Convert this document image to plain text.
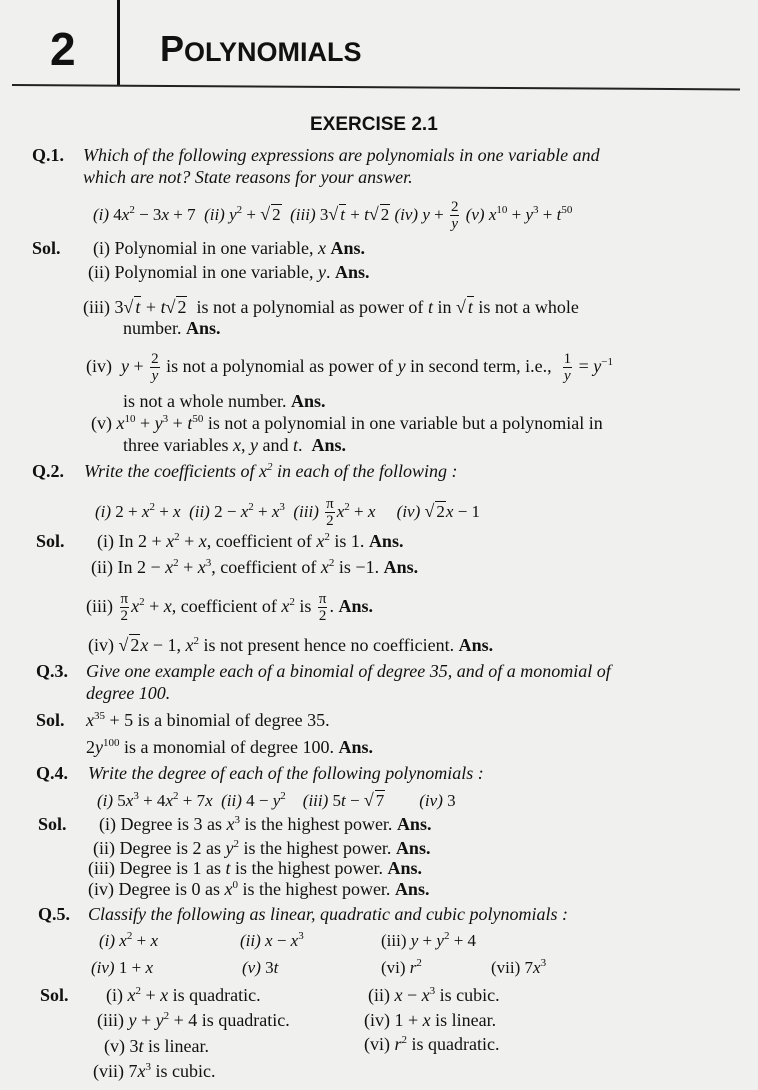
2 POLYNOMIALS
EXERCISE 2.1
Q.1. Which of the following expressions are polynomials in one variable and
which are not? State reasons for your answer.
(i) $4x^2 - 3x + 7$  (ii) $y^2$ + √ 2 (iii) 3√ t + t√ 2 (iv) $y + \frac{2}{y} (v) x^{10} + y^3 + t^{50}$
Sol. (i) Polynomial in one variable, x Ans.
(ii) Polynomial in one variable, y. Ans.
(iii) 3√ t + t√ 2  is not a polynomial as power of t in √ t is not a whole
number. Ans.
(iv)  $y + \frac{2}{y}$ is not a polynomial as power of y in second term, i.e., $\frac{1}{y} = y^{-1}$
is not a whole number. Ans.
(v) $x^{10} + y^3 + t^{50}$ is not a polynomial in one variable but a polynomial in
three variables x, y and t.  Ans.
Q.2. Write the coefficients of $x^2$ in each of the following :
(i) $2 + x^2 + x$ (ii) $2 - x^2 + x^3$ $(iii) \frac{\pi}{2} x^2 + x$ (iv) √ 2x − 1
Sol. (i) In $2 + x^2 + x$, coefficient of $x^2$ is 1. Ans.
(ii) In $2 - x^2 + x^3$, coefficient of $x^2$ is −1. Ans.
$(iii) \frac{\pi}{2} x^2 + x$, coefficient of $x^2$ is $\frac{\pi}{2}$ . Ans.
(iv) √ 2x − 1, $x^2$ is not present hence no coefficient. Ans.
Q.3. Give one example each of a binomial of degree 35, and of a monomial of
degree 100.
Sol. $x^{35} + 5$ is a binomial of degree 35.
$2y^{100}$ is a monomial of degree 100. Ans.
Q.4. Write the degree of each of the following polynomials :
(i) $5x^3 + 4x^2 + 7x$ (ii) $4 - y^2$ (iii) 5t − √ 7 (iv) 3
Sol. (i) Degree is 3 as $x^3$ is the highest power. Ans.
(ii) Degree is 2 as $y^2$ is the highest power. Ans.
(iii) Degree is 1 as t is the highest power. Ans.
(iv) Degree is 0 as $x^0$ is the highest power. Ans.
Q.5. Classify the following as linear, quadratic and cubic polynomials :
(i) $x^2 + x$	(ii) $x - x^3$	(iii) $y + y^2 + 4$
(iv) 1 + x	(v) 3t	(vi) $r^2$	(vii) $7x^3$
Sol. (i) $x^2 + x$ is quadratic.	(ii) $x - x^3$ is cubic.
(iii) $y + y^2 + 4$ is quadratic.	(iv) 1 + x is linear.
(v) 3t is linear.	(vi) $r^2$ is quadratic.
(vii) $7x^3$ is cubic.
